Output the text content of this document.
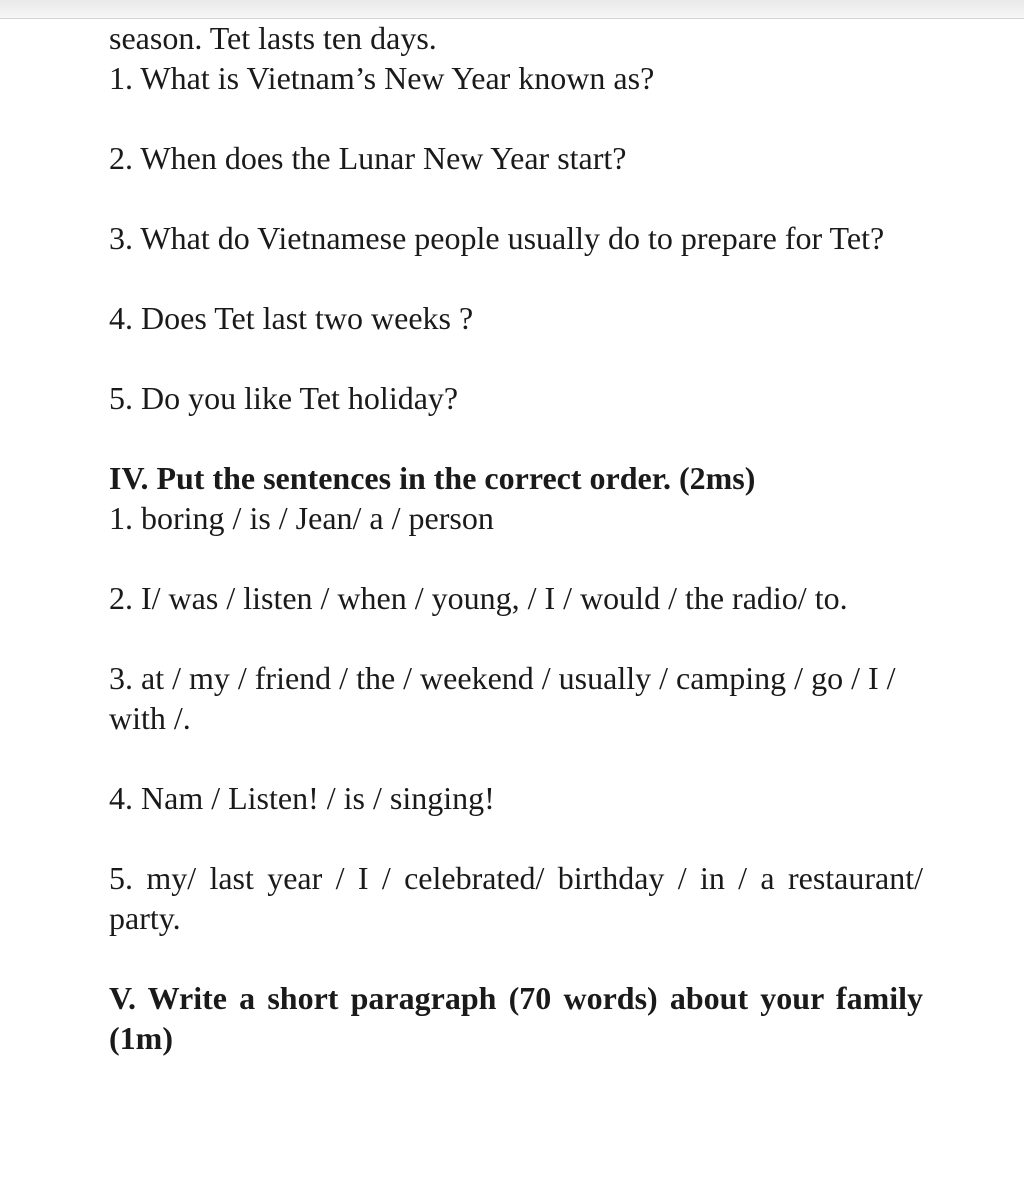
season. Tet lasts ten days.

1. What is Vietnam’s New Year known as?

2. When does the Lunar New Year start?

3. What do Vietnamese people usually do to prepare for Tet?

4. Does Tet last two weeks ?

5. Do you like Tet holiday?

IV. Put the sentences in the correct order. (2ms)

1. boring / is / Jean/ a / person

2. I/ was / listen / when / young, / I / would / the radio/ to.

3. at / my / friend / the / weekend / usually / camping / go / I / with /.

4. Nam / Listen! / is / singing!

5. my/ last year / I / celebrated/ birthday / in / a restaurant/ party.

V. Write a short paragraph (70 words) about your family (1m)
